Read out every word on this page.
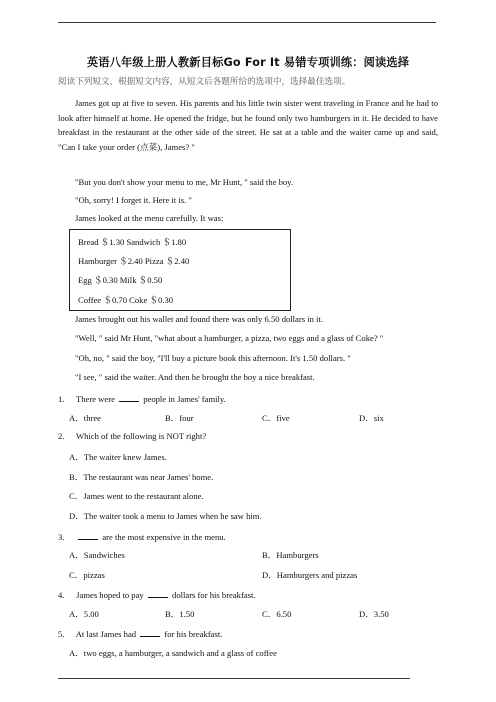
英语八年级上册人教新目标Go For It 易错专项训练：阅读选择
阅读下列短文，根据短文内容，从短文后各题所给的选项中，选择最佳选项。
James got up at five to seven. His parents and his little twin sister went traveling in France and he had to look after himself at home. He opened the fridge, but he found only two hamburgers in it. He decided to have breakfast in the restaurant at the other side of the street. He sat at a table and the waiter came up and said, "Can I take your order (点菜), James? "
"But you don't show your menu to me, Mr Hunt, " said the boy.
"Oh, sorry! I forget it. Here it is. "
James looked at the menu carefully. It was:
Bread ＄1.30 Sandwich ＄1.80
Hamburger ＄2.40 Pizza ＄2.40
Egg ＄0.30 Milk ＄0.50
Coffee ＄0.70 Coke ＄0.30
James brought out his wallet and found there was only 6.50 dollars in it.
"Well, " said Mr Hunt, "what about a hamburger, a pizza, two eggs and a glass of Coke? "
"Oh, no, " said the boy, "I'll buy a picture book this afternoon. It's 1.50 dollars. "
"I see, " said the waiter. And then he brought the boy a nice breakfast.
1. There were	people in James' family.
A．three	B．four	C．five	D．six
2. Which of the following is NOT right?
A．The waiter knew James.
B．The restaurant was near James' home.
C．James went to the restaurant alone.
D．The waiter took a menu to James when he saw him.
3.	are the most expensive in the menu.
A．Sandwiches	B．Hamburgers
C．pizzas	D．Hamburgers and pizzas
4. James hoped to pay	dollars for his breakfast.
A．5.00	B．1.50	C．6.50	D．3.50
5. At last James had	for his breakfast.
A．two eggs, a hamburger, a sandwich and a glass of coffee
